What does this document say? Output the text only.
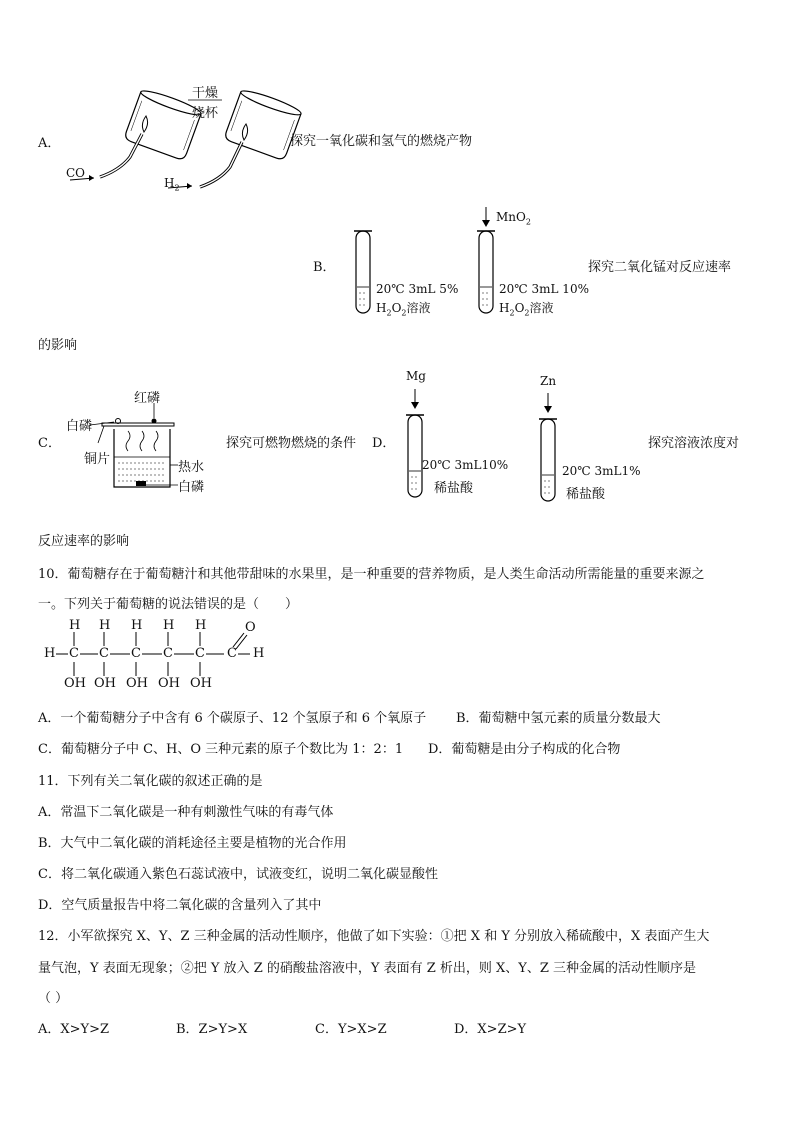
A．
干燥
烧杯
CO
$H_2$
探究一氧化碳和氢气的燃烧产物
B．
MnO$_2$
20℃ 3mL 5%
$H_2O_2$溶液
20℃ 3mL 10%
$H_2O_2$溶液
探究二氧化锰对反应速率
的影响
C．
红磷
白磷
铜片
热水
白磷
探究可燃物燃烧的条件 D．
Mg	Zn
20℃ 3mL10%
稀盐酸
20℃ 3mL1%
稀盐酸
探究溶液浓度对
反应速率的影响
10．葡萄糖存在于葡萄糖汁和其他带甜味的水果里，是一种重要的营养物质，是人类生命活动所需能量的重要来源之
一。下列关于葡萄糖的说法错误的是（　　）
H H H H H	O
H C C C C C C H
OH OH OH OH OH
A．一个葡萄糖分子中含有 6 个碳原子、12 个氢原子和 6 个氧原子 B．葡萄糖中氢元素的质量分数最大
C．葡萄糖分子中 C、H、O 三种元素的原子个数比为 1：2：1 D．葡萄糖是由分子构成的化合物
11．下列有关二氧化碳的叙述正确的是
A．常温下二氧化碳是一种有刺激性气味的有毒气体
B．大气中二氧化碳的消耗途径主要是植物的光合作用
C．将二氧化碳通入紫色石蕊试液中，试液变红，说明二氧化碳显酸性
D．空气质量报告中将二氧化碳的含量列入了其中
12．小军欲探究 X、Y、Z 三种金属的活动性顺序，他做了如下实验：①把 X 和 Y 分别放入稀硫酸中，X 表面产生大
量气泡，Y 表面无现象；②把 Y 放入 Z 的硝酸盐溶液中，Y 表面有 Z 析出，则 X、Y、Z 三种金属的活动性顺序是
（ ）
A．X>Y>Z	B．Z>Y>X	C．Y>X>Z	D．X>Z>Y
